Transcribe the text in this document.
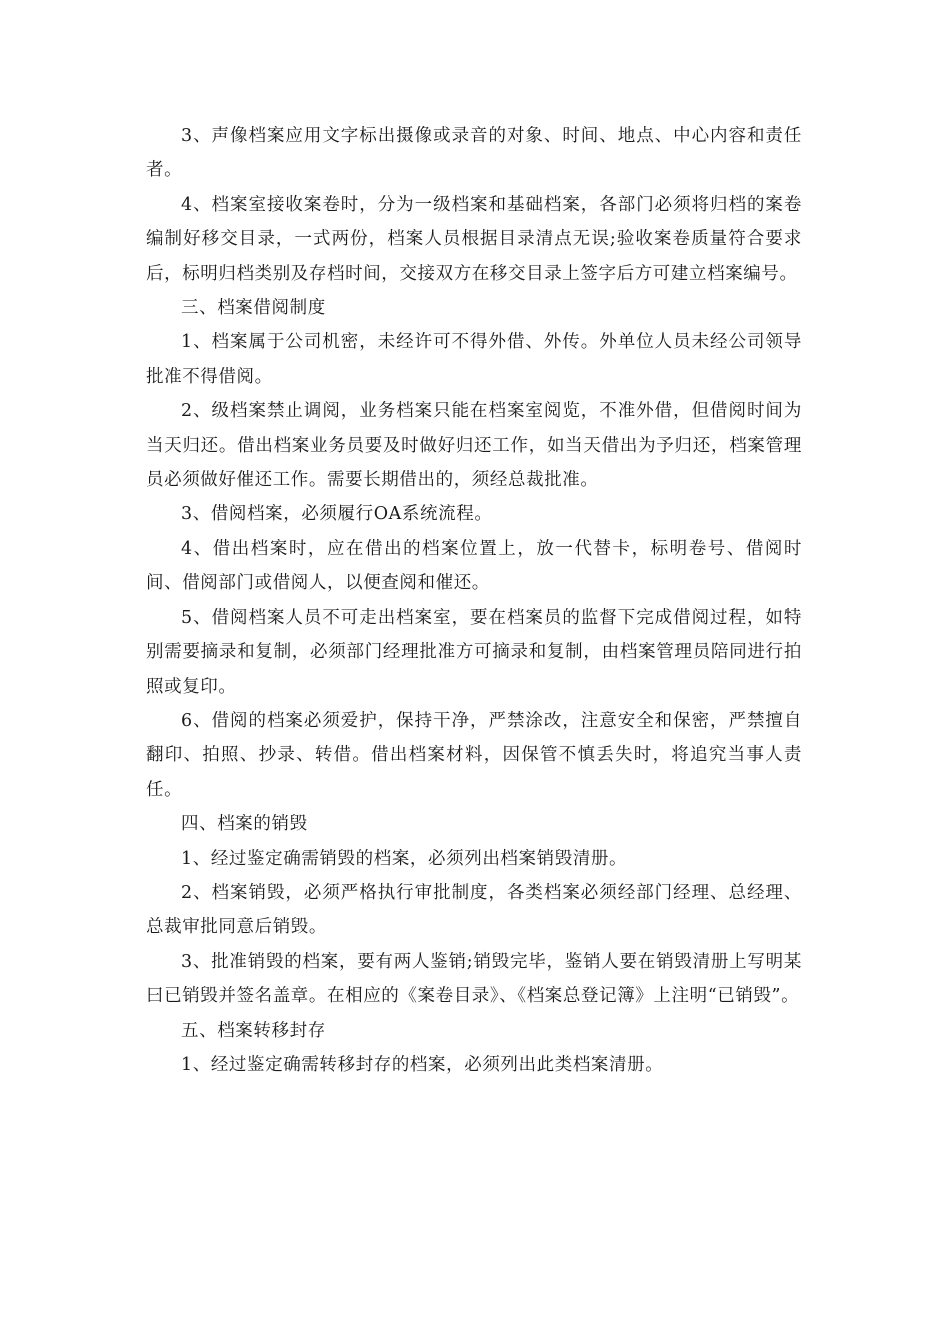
3、声像档案应用文字标出摄像或录音的对象、时间、地点、中心内容和责任者。

4、档案室接收案卷时，分为一级档案和基础档案，各部门必须将归档的案卷编制好移交目录，一式两份，档案人员根据目录清点无误;验收案卷质量符合要求后，标明归档类别及存档时间，交接双方在移交目录上签字后方可建立档案编号。

三、档案借阅制度

1、档案属于公司机密，未经许可不得外借、外传。外单位人员未经公司领导批准不得借阅。

2、级档案禁止调阅，业务档案只能在档案室阅览，不准外借，但借阅时间为当天归还。借出档案业务员要及时做好归还工作，如当天借出为予归还，档案管理员必须做好催还工作。需要长期借出的，须经总裁批准。

3、借阅档案，必须履行OA系统流程。

4、借出档案时，应在借出的档案位置上，放一代替卡，标明卷号、借阅时间、借阅部门或借阅人，以便查阅和催还。

5、借阅档案人员不可走出档案室，要在档案员的监督下完成借阅过程，如特别需要摘录和复制，必须部门经理批准方可摘录和复制，由档案管理员陪同进行拍照或复印。

6、借阅的档案必须爱护，保持干净，严禁涂改，注意安全和保密，严禁擅自翻印、拍照、抄录、转借。借出档案材料，因保管不慎丢失时，将追究当事人责任。

四、档案的销毁

1、经过鉴定确需销毁的档案，必须列出档案销毁清册。

2、档案销毁，必须严格执行审批制度，各类档案必须经部门经理、总经理、总裁审批同意后销毁。

3、批准销毁的档案，要有两人鉴销;销毁完毕，鉴销人要在销毁清册上写明某曰已销毁并签名盖章。在相应的《案卷目录》、《档案总登记簿》上注明“已销毁”。

五、档案转移封存

1、经过鉴定确需转移封存的档案，必须列出此类档案清册。
